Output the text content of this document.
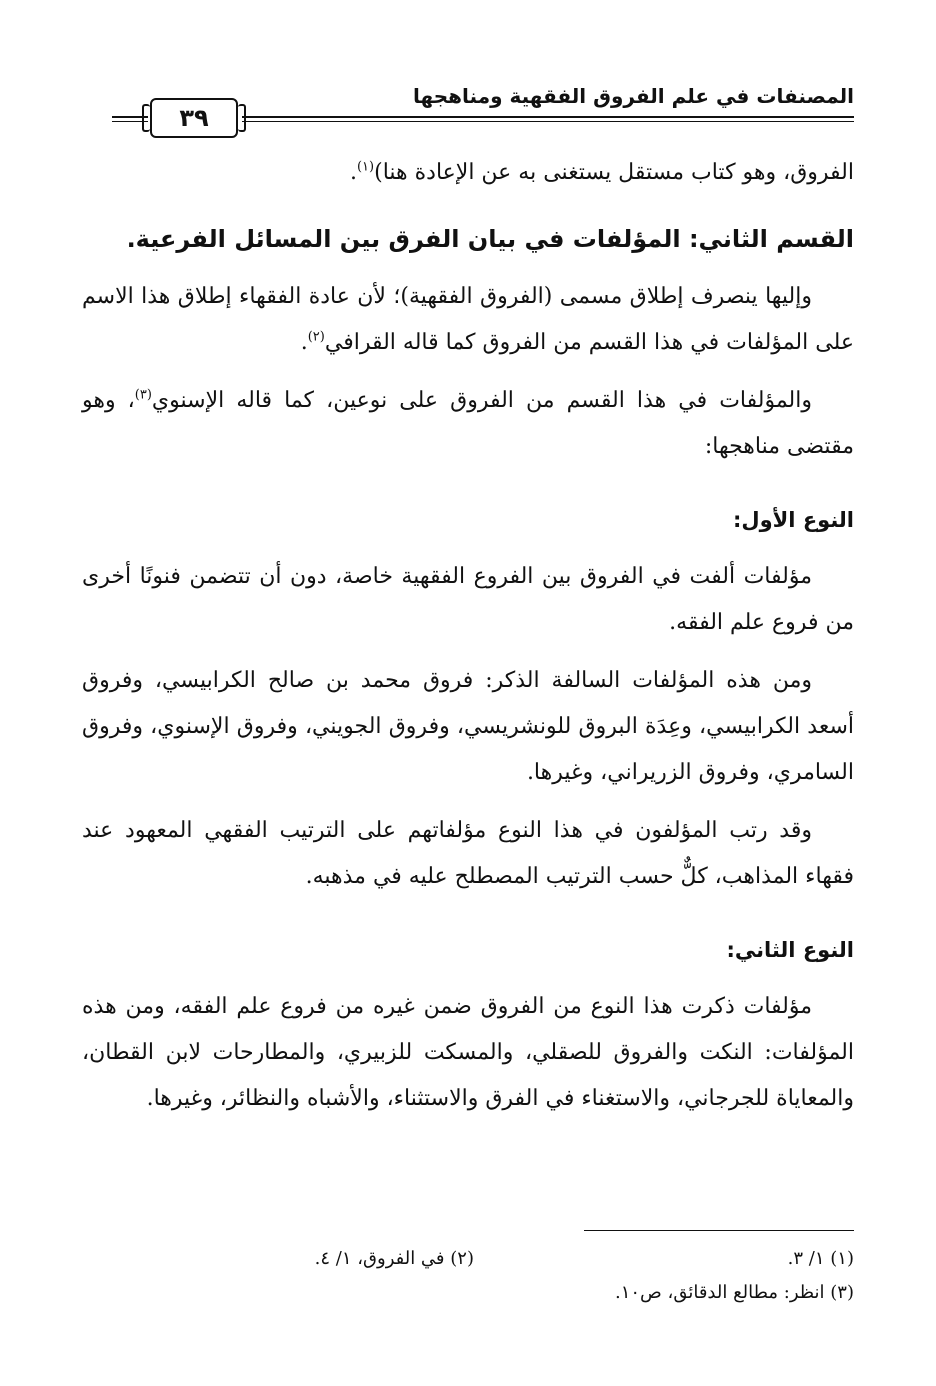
المصنفات في علم الفروق الفقهية ومناهجها
٣٩

الفروق، وهو كتاب مستقل يستغنى به عن الإعادة هنا)$^{(١)}$.

القسم الثاني: المؤلفات في بيان الفرق بين المسائل الفرعية.

وإليها ينصرف إطلاق مسمى (الفروق الفقهية)؛ لأن عادة الفقهاء إطلاق هذا الاسم على المؤلفات في هذا القسم من الفروق كما قاله القرافي$^{(٢)}$.

والمؤلفات في هذا القسم من الفروق على نوعين، كما قاله الإسنوي$^{(٣)}$، وهو مقتضى مناهجها:

النوع الأول:

مؤلفات ألفت في الفروق بين الفروع الفقهية خاصة، دون أن تتضمن فنونًا أخرى من فروع علم الفقه.

ومن هذه المؤلفات السالفة الذكر: فروق محمد بن صالح الكرابيسي، وفروق أسعد الكرابيسي، وعِدَة البروق للونشريسي، وفروق الجويني، وفروق الإسنوي، وفروق السامري، وفروق الزريراني، وغيرها.

وقد رتب المؤلفون في هذا النوع مؤلفاتهم على الترتيب الفقهي المعهود عند فقهاء المذاهب، كلٌّ حسب الترتيب المصطلح عليه في مذهبه.

النوع الثاني:

مؤلفات ذكرت هذا النوع من الفروق ضمن غيره من فروع علم الفقه، ومن هذه المؤلفات: النكت والفروق للصقلي، والمسكت للزبيري، والمطارحات لابن القطان، والمعاياة للجرجاني، والاستغناء في الفرق والاستثناء، والأشباه والنظائر، وغيرها.

(١) ١/ ٣.
(٢) في الفروق، ١/ ٤.
(٣) انظر: مطالع الدقائق، ص١٠.
